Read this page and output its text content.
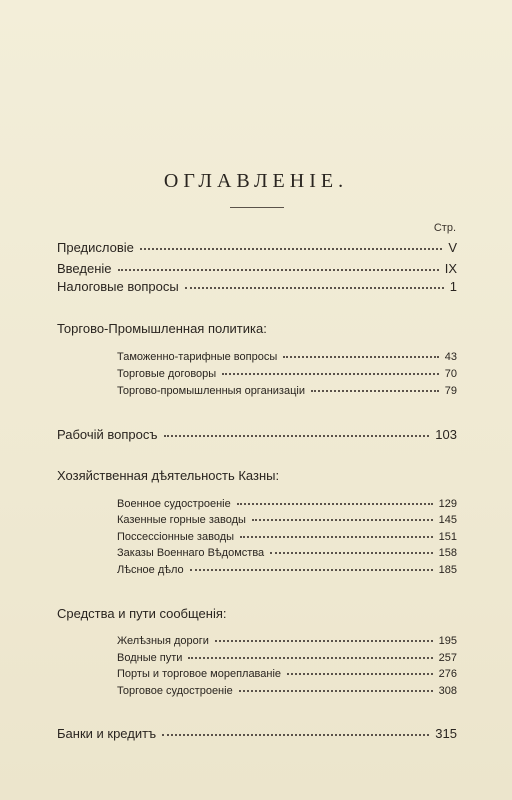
ОГЛАВЛЕНІЕ.
Стр.
Предисловіе	V
Введеніе	IX
Налоговые вопросы	1
Торгово-Промышленная политика:
Таможенно-тарифные вопросы	43
Торговые договоры	70
Торгово-промышленныя организаціи	79
Рабочій вопросъ	103
Хозяйственная дѣятельность Казны:
Военное судостроеніе	129
Казенные горные заводы	145
Поссессіонные заводы	151
Заказы Военнаго Вѣдомства	158
Лѣсное дѣло	185
Средства и пути сообщенія:
Желѣзныя дороги	195
Водные пути	257
Порты и торговое мореплаваніе	276
Торговое судостроеніе	308
Банки и кредитъ	315
